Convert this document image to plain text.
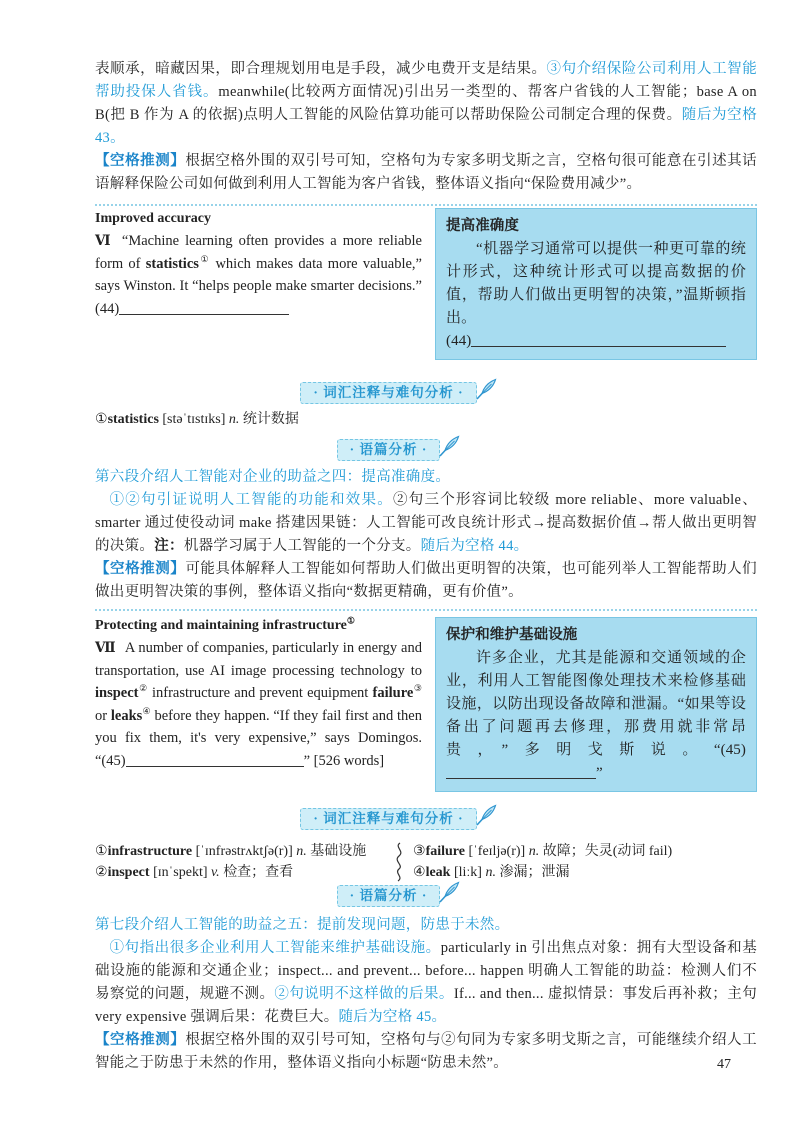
表顺承，暗藏因果，即合理规划用电是手段，减少电费开支是结果。③句介绍保险公司利用人工智能帮助投保人省钱。meanwhile(比较两方面情况)引出另一类型的、帮客户省钱的人工智能；base A on B(把 B 作为 A 的依据)点明人工智能的风险估算功能可以帮助保险公司制定合理的保费。随后为空格 43。

【空格推测】根据空格外围的双引号可知，空格句为专家多明戈斯之言，空格句很可能意在引述其话语解释保险公司如何做到利用人工智能为客户省钱，整体语义指向“保险费用减少”。

Improved accuracy

Ⅵ “Machine learning often provides a more reliable form of statistics① which makes data more valuable,” says Winston. It “helps people make smarter decisions.” (44)

提高准确度

“机器学习通常可以提供一种更可靠的统计形式，这种统计形式可以提高数据的价值，帮助人们做出更明智的决策，”温斯顿指出。

(44)
· 词汇注释与难句分析 ·
①statistics [stəˈtɪstɪks] n. 统计数据
· 语篇分析 ·

第六段介绍人工智能对企业的助益之四：提高准确度。

①②句引证说明人工智能的功能和效果。②句三个形容词比较级 more reliable、more valuable、smarter 通过使役动词 make 搭建因果链：人工智能可改良统计形式→提高数据价值→帮人做出更明智的决策。注：机器学习属于人工智能的一个分支。随后为空格 44。

【空格推测】可能具体解释人工智能如何帮助人们做出更明智的决策，也可能列举人工智能帮助人们做出更明智决策的事例，整体语义指向“数据更精确，更有价值”。

Protecting and maintaining infrastructure①

Ⅶ A number of companies, particularly in energy and transportation, use AI image processing technology to inspect② infrastructure and prevent equipment failure③ or leaks④ before they happen. “If they fail first and then you fix them, it's very expensive,” says Domingos. “(45)	” [526 words]

保护和维护基础设施

许多企业，尤其是能源和交通领域的企业，利用人工智能图像处理技术来检修基础设施，以防出现设备故障和泄漏。“如果等设备出了问题再去修理，那费用就非常昂贵，”多明戈斯说。“(45)”

· 词汇注释与难句分析 ·
①infrastructure [ˈɪnfrəstrʌktʃə(r)] n. 基础设施	③failure [ˈfeɪljə(r)] n. 故障；失灵(动词 fail)
②inspect [ɪnˈspekt] v. 检查；查看	④leak [liːk] n. 渗漏；泄漏
· 语篇分析 ·

第七段介绍人工智能的助益之五：提前发现问题，防患于未然。

①句指出很多企业利用人工智能来维护基础设施。particularly in 引出焦点对象：拥有大型设备和基础设施的能源和交通企业；inspect... and prevent... before... happen 明确人工智能的助益：检测人们不易察觉的问题，规避不测。②句说明不这样做的后果。If... and then... 虚拟情景：事发后再补救；主句 very expensive 强调后果：花费巨大。随后为空格 45。

【空格推测】根据空格外围的双引号可知，空格句与②句同为专家多明戈斯之言，可能继续介绍人工智能之于防患于未然的作用，整体语义指向小标题“防患未然”。	47
